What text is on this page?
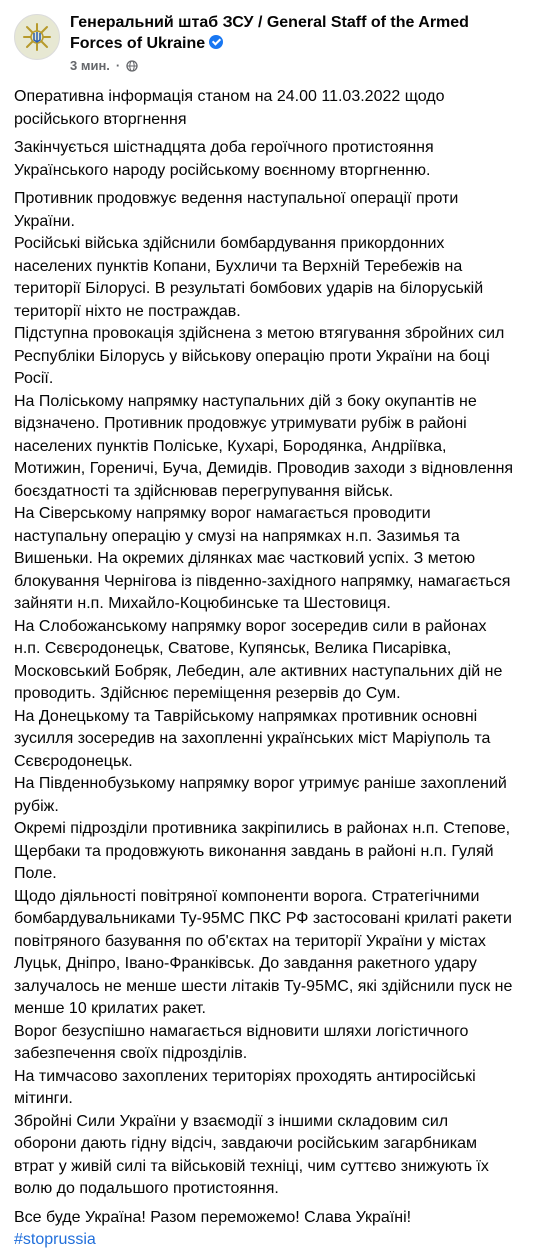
Генеральний штаб ЗСУ / General Staff of the Armed
Forces of Ukraine
3 мин. ·
Оперативна інформація станом на 24.00 11.03.2022 щодо
російського вторгнення
Закінчується шістнадцята доба героїчного протистояння
Українського народу російському воєнному вторгненню.
Противник продовжує ведення наступальної операції проти
України.
Російські війська здійснили бомбардування прикордонних
населених пунктів Копани, Бухличи та Верхній Теребежів на
території Білорусі. В результаті бомбових ударів на білоруській
території ніхто не постраждав.
Підступна провокація здійснена з метою втягування збройних сил
Республіки Білорусь у військову операцію проти України на боці
Росії.
На Поліському напрямку наступальних дій з боку окупантів не
відзначено. Противник продовжує утримувати рубіж в районі
населених пунктів Поліське, Кухарі, Бородянка, Андріївка,
Мотижин, Гореничі, Буча, Демидів. Проводив заходи з відновлення
боєздатності та здійснював перегрупування військ.
На Сіверському напрямку ворог намагається проводити
наступальну операцію у смузі на напрямках н.п. Зазимья та
Вишеньки. На окремих ділянках має частковий успіх. З метою
блокування Чернігова із південно-західного напрямку, намагається
зайняти н.п. Михайло-Коцюбинське та Шестовиця.
На Слобожанському напрямку ворог зосередив сили в районах
н.п. Сєвєродонецьк, Сватове, Купянськ, Велика Писарівка,
Московський Бобряк, Лебедин, але активних наступальних дій не
проводить. Здійснює переміщення резервів до Сум.
На Донецькому та Таврійському напрямках противник основні
зусилля зосередив на захопленні українських міст Маріуполь та
Сєвєродонецьк.
На Південнобузькому напрямку ворог утримує раніше захоплений
рубіж.
Окремі підрозділи противника закріпились в районах н.п. Степове,
Щербаки та продовжують виконання завдань в районі н.п. Гуляй
Поле.
Щодо діяльності повітряної компоненти ворога. Стратегічними
бомбардувальниками Ту-95МС ПКС РФ застосовані крилаті ракети
повітряного базування по об'єктах на території України у містах
Луцьк, Дніпро, Івано-Франківськ. До завдання ракетного удару
залучалось не менше шести літаків Ту-95МС, які здійснили пуск не
менше 10 крилатих ракет.
Ворог безуспішно намагається відновити шляхи логістичного
забезпечення своїх підрозділів.
На тимчасово захоплених територіях проходять антиросійські
мітинги.
Збройні Сили України у взаємодії з іншими складовим сил
оборони дають гідну відсіч, завдаючи російським загарбникам
втрат у живій силі та військовій техніці, чим суттєво знижують їх
волю до подальшого протистояння.
Все буде Україна! Разом переможемо! Слава Україні!
#stoprussia
